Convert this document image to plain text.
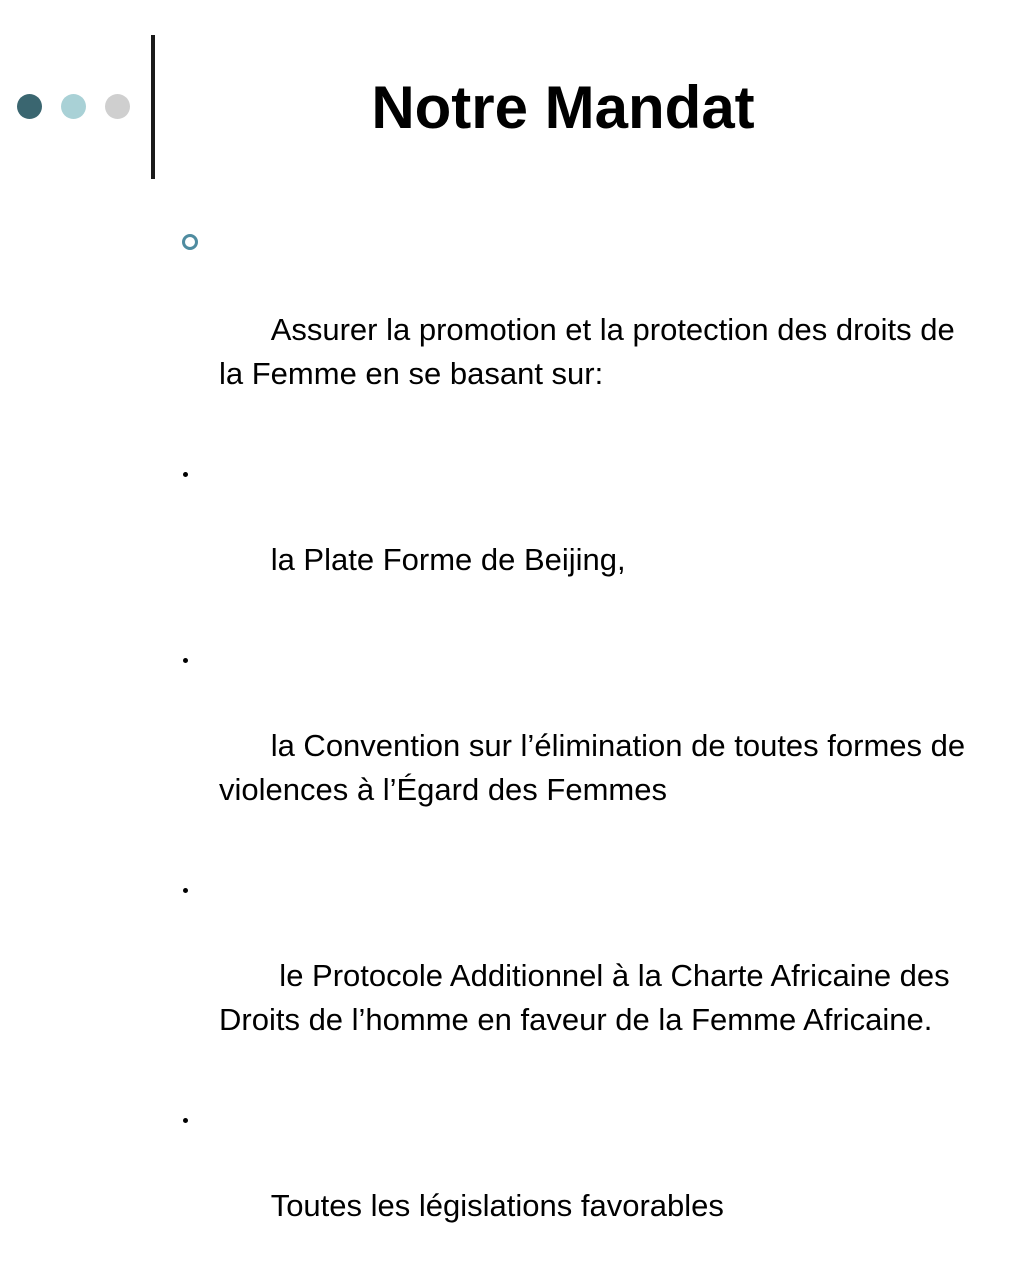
Notre Mandat

Assurer la promotion et la protection des droits de la Femme en se basant sur:

la Plate Forme de Beijing,

la Convention sur l’élimination de toutes formes de violences à l’Égard des Femmes

le Protocole Additionnel à la Charte Africaine des Droits de l’homme en faveur de la Femme Africaine.

Toutes les législations favorables
